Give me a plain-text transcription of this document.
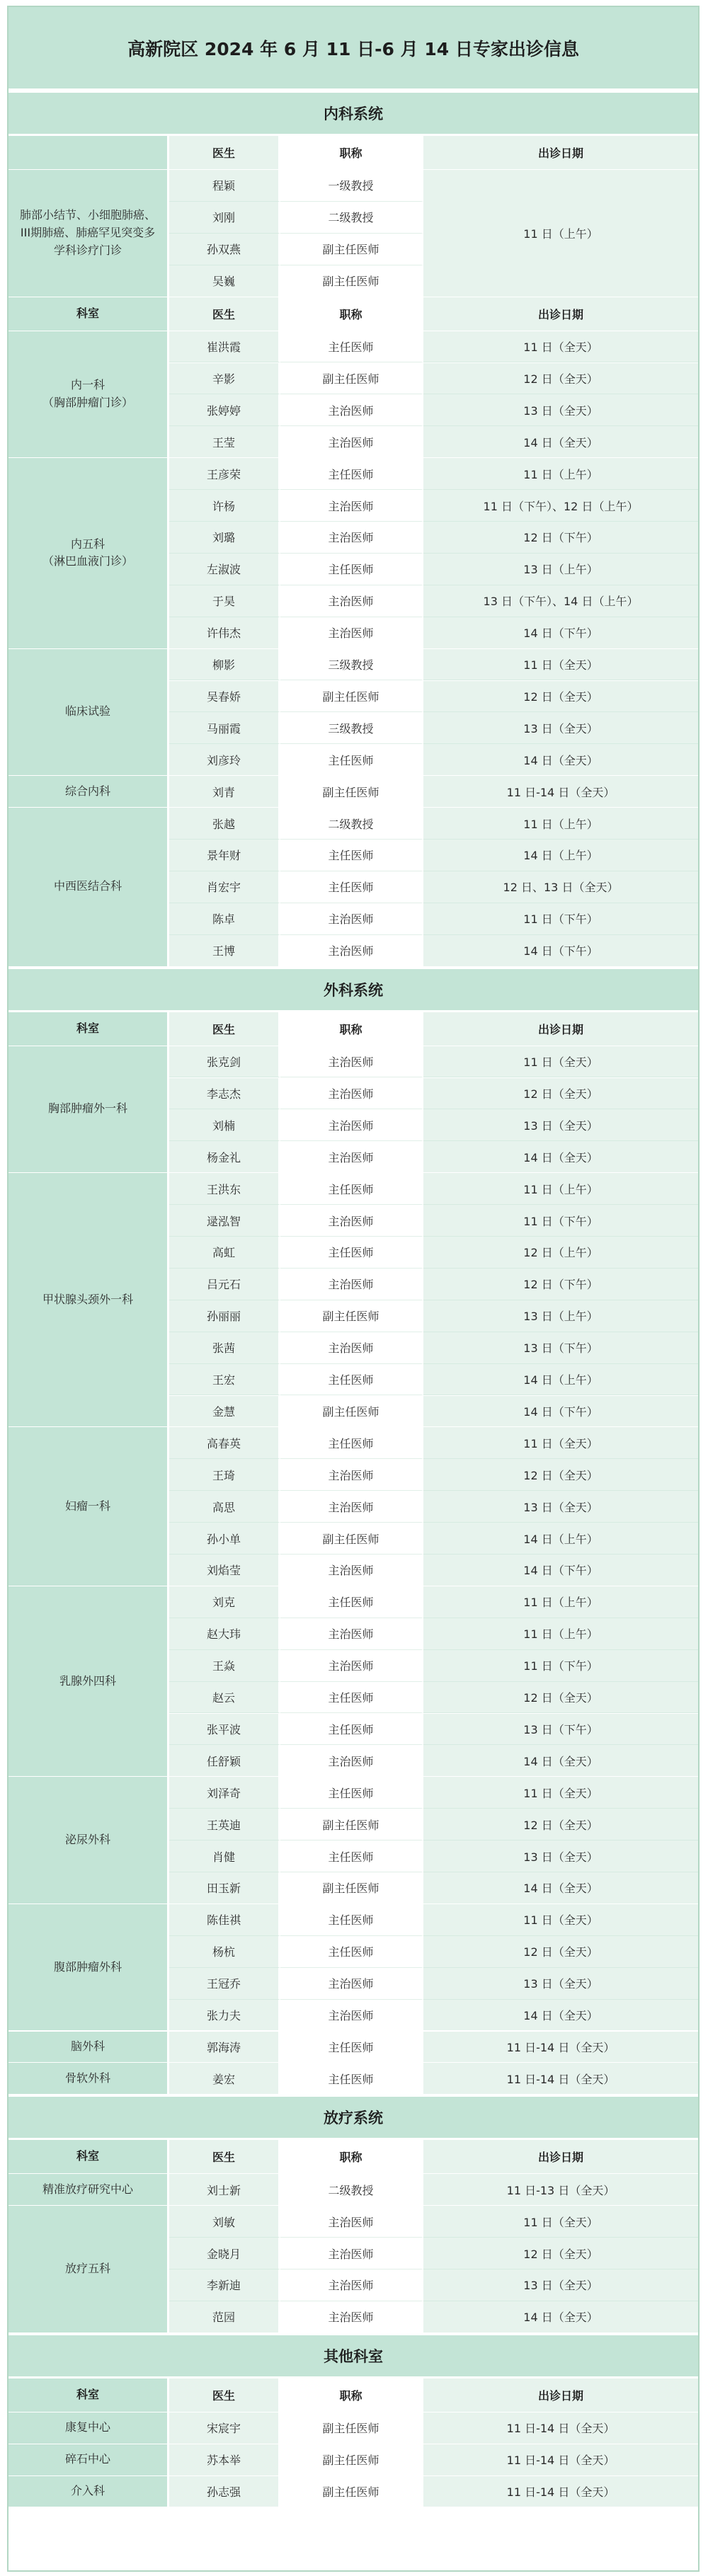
高新院区 2024 年 6 月 11 日-6 月 14 日专家出诊信息
内科系统
医生	职称	出诊日期
肺部小结节、小细胞肺癌、III期肺癌、肺癌罕见突变多学科诊疗门诊
11 日（上午）
程颖	一级教授
刘刚	二级教授
孙双燕	副主任医师
吴巍	副主任医师
科室	医生	职称	出诊日期
内一科
（胸部肿瘤门诊）
崔洪霞	主任医师	11 日（全天）
辛影	副主任医师	12 日（全天）
张婷婷	主治医师	13 日（全天）
王莹	主治医师	14 日（全天）
内五科
（淋巴血液门诊）
王彦荣	主任医师	11 日（上午）
许杨	主治医师	11 日（下午）、12 日（上午）
刘璐	主治医师	12 日（下午）
左淑波	主任医师	13 日（上午）
于昊	主治医师	13 日（下午）、14 日（上午）
许伟杰	主治医师	14 日（下午）
临床试验
柳影	三级教授	11 日（全天）
吴春娇	副主任医师	12 日（全天）
马丽霞	三级教授	13 日（全天）
刘彦玲	主任医师	14 日（全天）
综合内科	刘青	副主任医师	11 日-14 日（全天）
中西医结合科
张越	二级教授	11 日（上午）
景年财	主任医师	14 日（上午）
肖宏宇	主任医师	12 日、13 日（全天）
陈卓	主治医师	11 日（下午）
王博	主治医师	14 日（下午）
外科系统
科室	医生	职称	出诊日期
胸部肿瘤外一科
张克剑	主治医师	11 日（全天）
李志杰	主治医师	12 日（全天）
刘楠	主治医师	13 日（全天）
杨金礼	主治医师	14 日（全天）
甲状腺头颈外一科
王洪东	主任医师	11 日（上午）
逯泓智	主治医师	11 日（下午）
高虹	主任医师	12 日（上午）
吕元石	主治医师	12 日（下午）
孙丽丽	副主任医师	13 日（上午）
张茜	主治医师	13 日（下午）
王宏	主任医师	14 日（上午）
金慧	副主任医师	14 日（下午）
妇瘤一科
高春英	主任医师	11 日（全天）
王琦	主治医师	12 日（全天）
高思	主治医师	13 日（全天）
孙小单	副主任医师	14 日（上午）
刘焰莹	主治医师	14 日（下午）
乳腺外四科
刘克	主任医师	11 日（上午）
赵大玮	主治医师	11 日（上午）
王焱	主治医师	11 日（下午）
赵云	主任医师	12 日（全天）
张平波	主任医师	13 日（下午）
任舒颖	主治医师	14 日（全天）
泌尿外科
刘泽奇	主任医师	11 日（全天）
王英迪	副主任医师	12 日（全天）
肖健	主任医师	13 日（全天）
田玉新	副主任医师	14 日（全天）
腹部肿瘤外科
陈佳祺	主任医师	11 日（全天）
杨杭	主任医师	12 日（全天）
王冠乔	主治医师	13 日（全天）
张力夫	主治医师	14 日（全天）
脑外科	郭海涛	主任医师	11 日-14 日（全天）
骨软外科	姜宏	主任医师	11 日-14 日（全天）
放疗系统
科室	医生	职称	出诊日期
精准放疗研究中心	刘士新	二级教授	11 日-13 日（全天）
放疗五科
刘敏	主治医师	11 日（全天）
金晓月	主治医师	12 日（全天）
李新迪	主治医师	13 日（全天）
范园	主治医师	14 日（全天）
其他科室
科室	医生	职称	出诊日期
康复中心	宋宸宇	副主任医师	11 日-14 日（全天）
碎石中心	苏本举	副主任医师	11 日-14 日（全天）
介入科	孙志强	副主任医师	11 日-14 日（全天）
